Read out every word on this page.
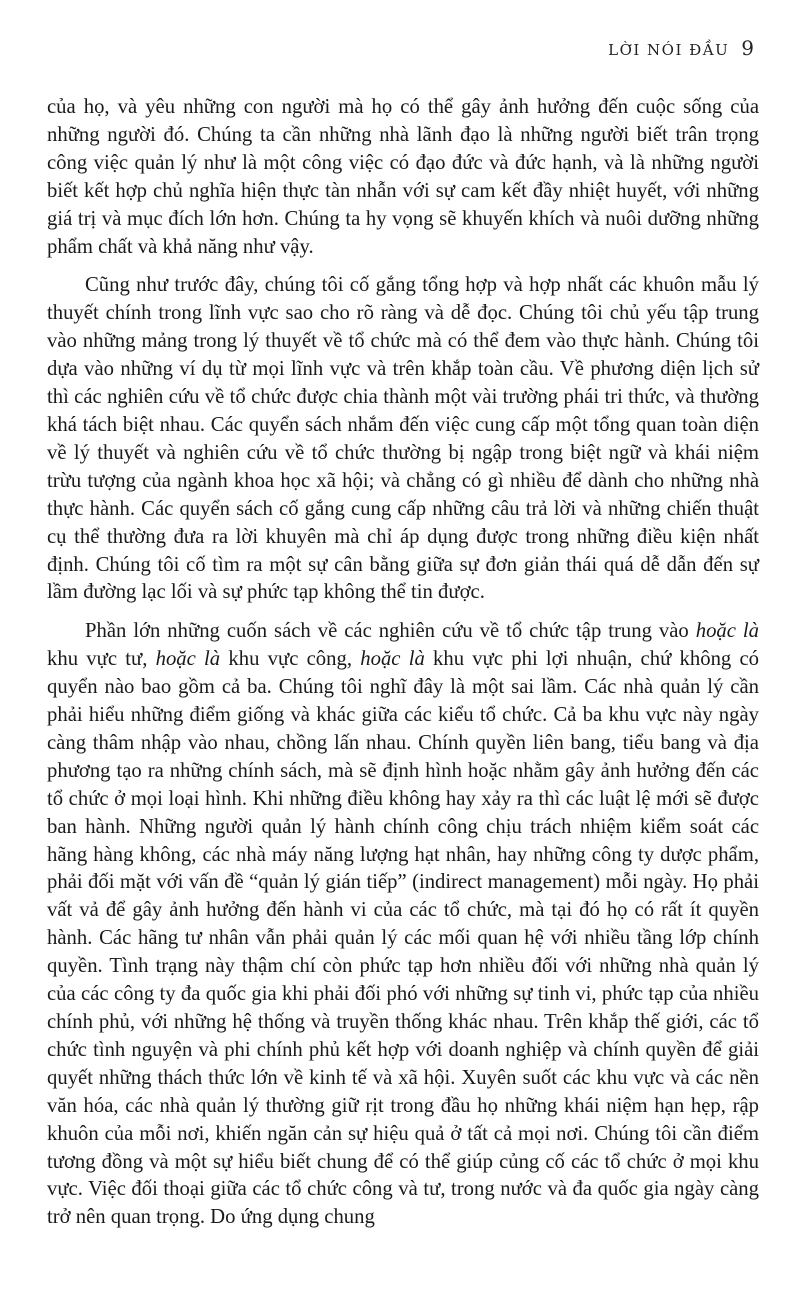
LỜI NÓI ĐẦU 9

của họ, và yêu những con người mà họ có thể gây ảnh hưởng đến cuộc sống của những người đó. Chúng ta cần những nhà lãnh đạo là những người biết trân trọng công việc quản lý như là một công việc có đạo đức và đức hạnh, và là những người biết kết hợp chủ nghĩa hiện thực tàn nhẫn với sự cam kết đầy nhiệt huyết, với những giá trị và mục đích lớn hơn. Chúng ta hy vọng sẽ khuyến khích và nuôi dưỡng những phẩm chất và khả năng như vậy.

Cũng như trước đây, chúng tôi cố gắng tổng hợp và hợp nhất các khuôn mẫu lý thuyết chính trong lĩnh vực sao cho rõ ràng và dễ đọc. Chúng tôi chủ yếu tập trung vào những mảng trong lý thuyết về tổ chức mà có thể đem vào thực hành. Chúng tôi dựa vào những ví dụ từ mọi lĩnh vực và trên khắp toàn cầu. Về phương diện lịch sử thì các nghiên cứu về tổ chức được chia thành một vài trường phái tri thức, và thường khá tách biệt nhau. Các quyển sách nhắm đến việc cung cấp một tổng quan toàn diện về lý thuyết và nghiên cứu về tổ chức thường bị ngập trong biệt ngữ và khái niệm trừu tượng của ngành khoa học xã hội; và chẳng có gì nhiều để dành cho những nhà thực hành. Các quyển sách cố gắng cung cấp những câu trả lời và những chiến thuật cụ thể thường đưa ra lời khuyên mà chỉ áp dụng được trong những điều kiện nhất định. Chúng tôi cố tìm ra một sự cân bằng giữa sự đơn giản thái quá dễ dẫn đến sự lầm đường lạc lối và sự phức tạp không thể tin được.

Phần lớn những cuốn sách về các nghiên cứu về tổ chức tập trung vào hoặc là khu vực tư, hoặc là khu vực công, hoặc là khu vực phi lợi nhuận, chứ không có quyển nào bao gồm cả ba. Chúng tôi nghĩ đây là một sai lầm. Các nhà quản lý cần phải hiểu những điểm giống và khác giữa các kiểu tổ chức. Cả ba khu vực này ngày càng thâm nhập vào nhau, chồng lấn nhau. Chính quyền liên bang, tiểu bang và địa phương tạo ra những chính sách, mà sẽ định hình hoặc nhằm gây ảnh hưởng đến các tổ chức ở mọi loại hình. Khi những điều không hay xảy ra thì các luật lệ mới sẽ được ban hành. Những người quản lý hành chính công chịu trách nhiệm kiểm soát các hãng hàng không, các nhà máy năng lượng hạt nhân, hay những công ty dược phẩm, phải đối mặt với vấn đề “quản lý gián tiếp” (indirect management) mỗi ngày. Họ phải vất vả để gây ảnh hưởng đến hành vi của các tổ chức, mà tại đó họ có rất ít quyền hành. Các hãng tư nhân vẫn phải quản lý các mối quan hệ với nhiều tầng lớp chính quyền. Tình trạng này thậm chí còn phức tạp hơn nhiều đối với những nhà quản lý của các công ty đa quốc gia khi phải đối phó với những sự tinh vi, phức tạp của nhiều chính phủ, với những hệ thống và truyền thống khác nhau. Trên khắp thế giới, các tổ chức tình nguyện và phi chính phủ kết hợp với doanh nghiệp và chính quyền để giải quyết những thách thức lớn về kinh tế và xã hội. Xuyên suốt các khu vực và các nền văn hóa, các nhà quản lý thường giữ rịt trong đầu họ những khái niệm hạn hẹp, rập khuôn của mỗi nơi, khiến ngăn cản sự hiệu quả ở tất cả mọi nơi. Chúng tôi cần điểm tương đồng và một sự hiểu biết chung để có thể giúp củng cố các tổ chức ở mọi khu vực. Việc đối thoại giữa các tổ chức công và tư, trong nước và đa quốc gia ngày càng trở nên quan trọng. Do ứng dụng chung
